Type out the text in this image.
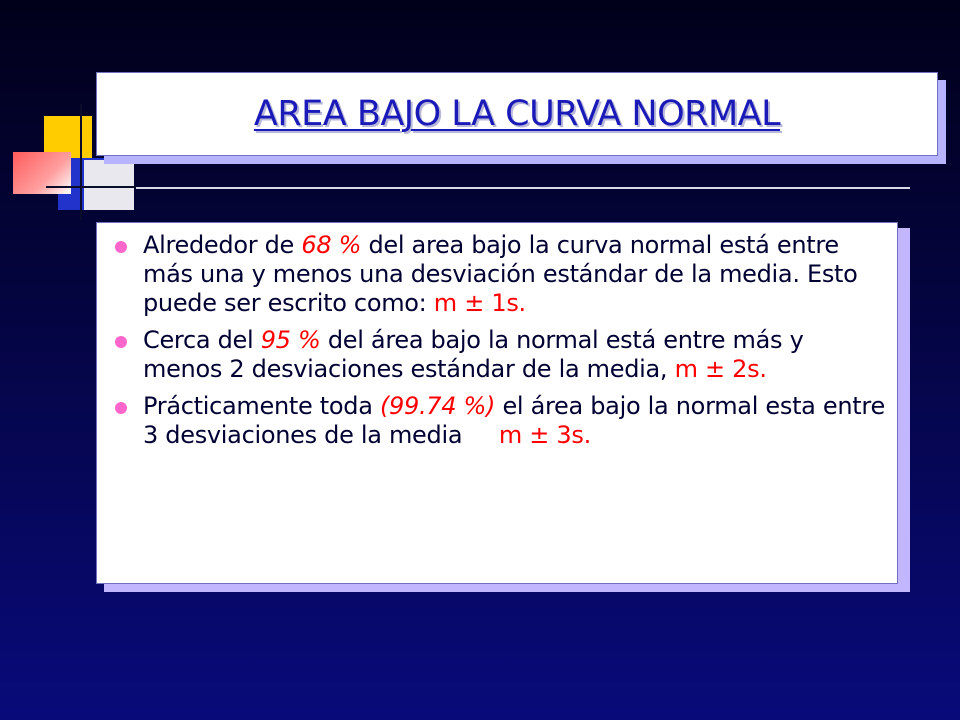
AREA BAJO LA CURVA NORMAL
Alrededor de 68 % del area bajo la curva normal está entre más una y menos una desviación estándar de la media. Esto puede ser escrito como: m ± 1s.
Cerca del 95 % del área bajo la normal está entre más y menos 2 desviaciones estándar de la media, m ± 2s.
Prácticamente toda (99.74 %) el área bajo la normal esta entre 3 desviaciones de la media     m ± 3s.
